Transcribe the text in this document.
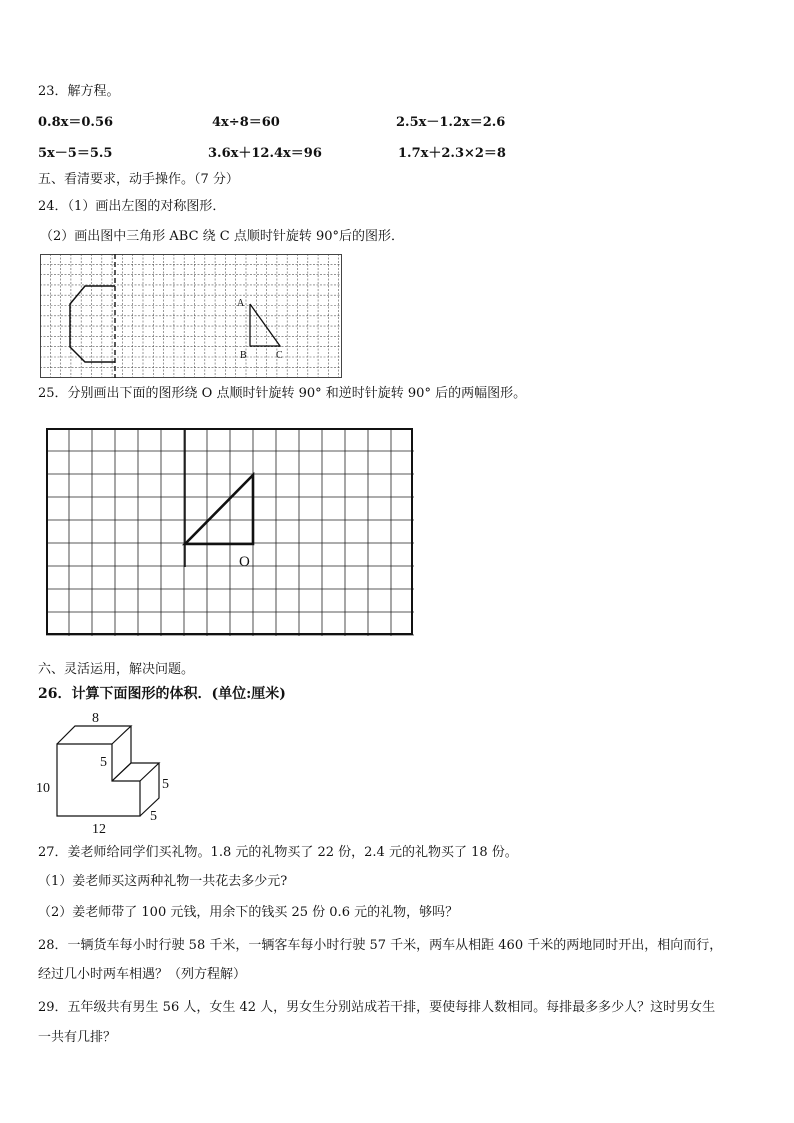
23．解方程。
0.8x＝0.56	4x÷8＝60	2.5x－1.2x＝2.6
5x－5＝5.5	3.6x＋12.4x＝96	1.7x＋2.3×2＝8
五、看清要求，动手操作。（7 分）
24．（1）画出左图的对称图形．
（2）画出图中三角形 ABC 绕 C 点顺时针旋转 90°后的图形．
A
B	C
25．分别画出下面的图形绕 O 点顺时针旋转 90° 和逆时针旋转 90° 后的两幅图形。
O
六、灵活运用，解决问题。
26．计算下面图形的体积．(单位:厘米)
8
10
12
5
5
5
27．姜老师给同学们买礼物。1.8 元的礼物买了 22 份，2.4 元的礼物买了 18 份。
（1）姜老师买这两种礼物一共花去多少元?
（2）姜老师带了 100 元钱，用余下的钱买 25 份 0.6 元的礼物，够吗？
28．一辆货车每小时行驶 58 千米，一辆客车每小时行驶 57 千米，两车从相距 460 千米的两地同时开出，相向而行，
经过几小时两车相遇？（列方程解）
29．五年级共有男生 56 人，女生 42 人，男女生分别站成若干排，要使每排人数相同。每排最多多少人？这时男女生
一共有几排？
